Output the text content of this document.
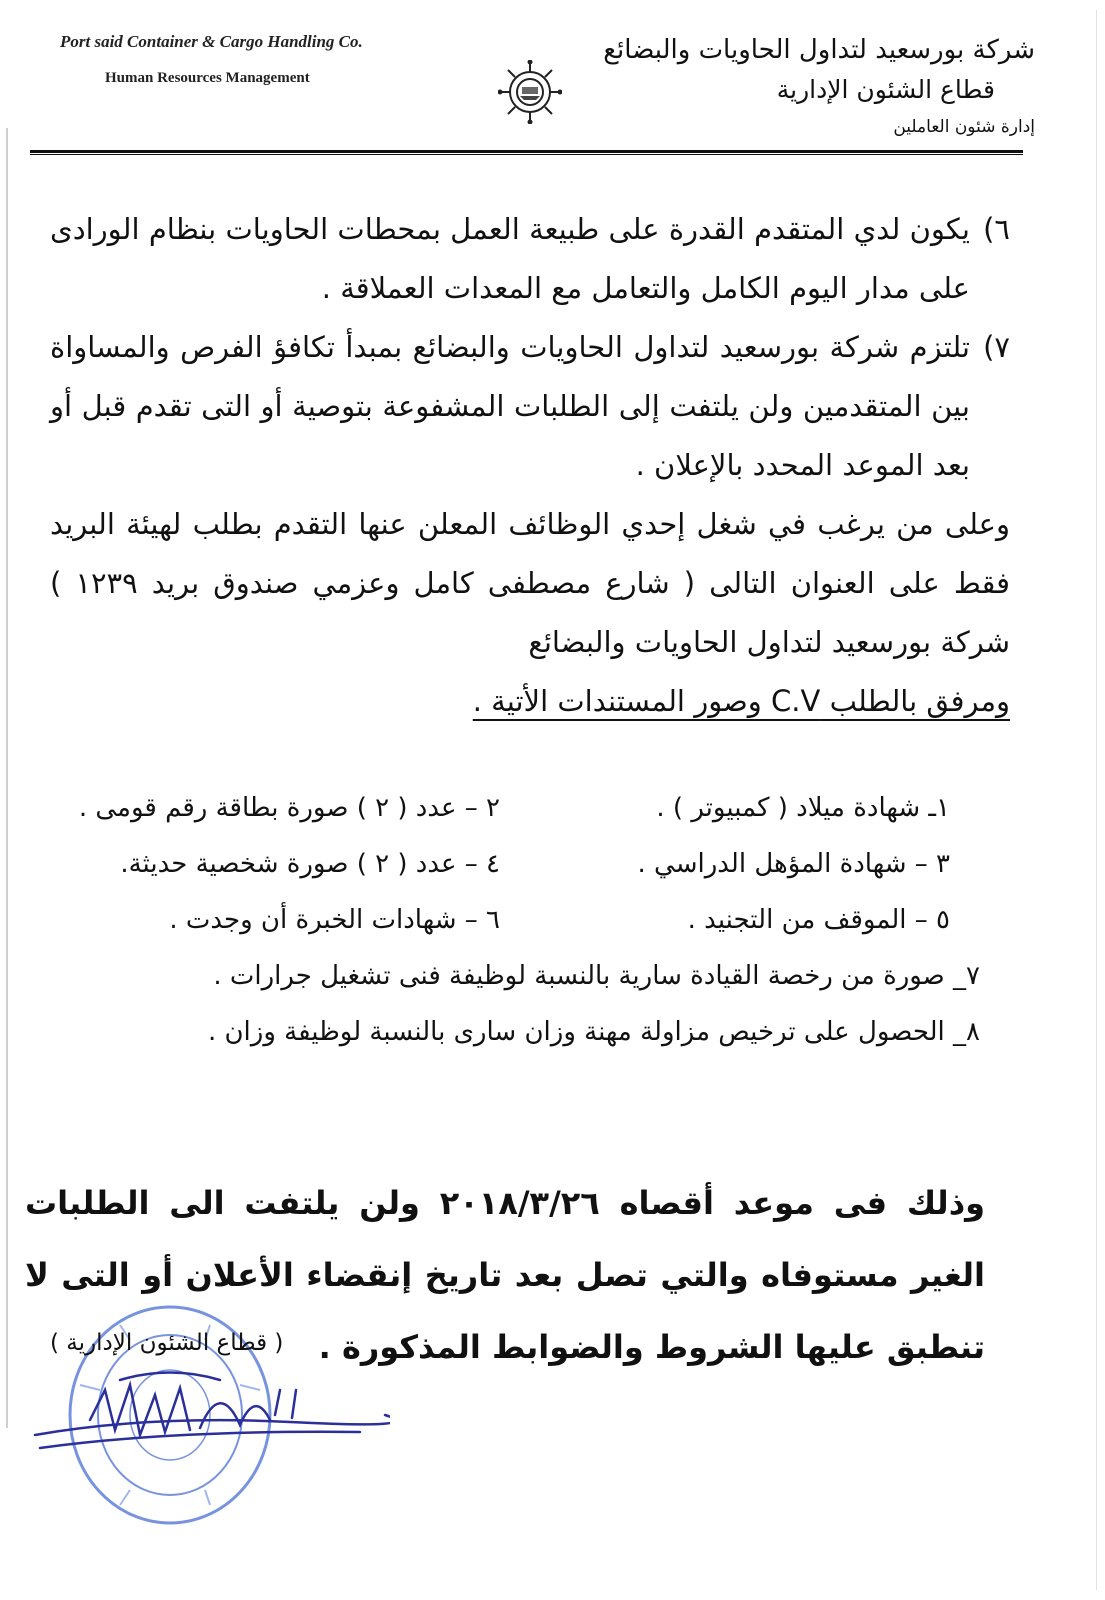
Port said Container & Cargo Handling Co.

Human Resources Management

شركة بورسعيد لتداول الحاويات والبضائع

قطاع الشئون الإدارية

إدارة شئون العاملين

٦)
يكون لدي المتقدم القدرة على طبيعة العمل بمحطات الحاويات بنظام الورادى على مدار اليوم الكامل والتعامل مع المعدات العملاقة .
٧)
تلتزم شركة بورسعيد لتداول الحاويات والبضائع بمبدأ تكافؤ الفرص والمساواة بين المتقدمين ولن يلتفت إلى الطلبات المشفوعة بتوصية أو التى تقدم قبل أو بعد الموعد المحدد بالإعلان .

وعلى من يرغب في شغل إحدي الوظائف المعلن عنها التقدم بطلب لهيئة البريد فقط على العنوان التالى ( شارع مصطفى كامل وعزمي صندوق بريد ١٢٣٩ ) شركة بورسعيد لتداول الحاويات والبضائع

ومرفق بالطلب C.V وصور المستندات الأتية .

١ـ شهادة ميلاد ( كمبيوتر ) .
٢ – عدد ( ٢ ) صورة بطاقة رقم قومى .
٣ – شهادة المؤهل الدراسي .
٤ – عدد ( ٢ ) صورة شخصية حديثة.
٥ – الموقف من التجنيد .
٦ – شهادات الخبرة أن وجدت .
٧_ صورة من رخصة القيادة سارية بالنسبة لوظيفة فنى تشغيل جرارات .
٨_ الحصول على ترخيص مزاولة مهنة وزان سارى بالنسبة لوظيفة وزان .

وذلك فى موعد أقصاه ٢٠١٨/٣/٢٦ ولن يلتفت الى الطلبات الغير مستوفاه والتي تصل بعد تاريخ إنقضاء الأعلان أو التى لا تنطبق عليها الشروط والضوابط المذكورة .

( قطاع الشئون الإدارية )
